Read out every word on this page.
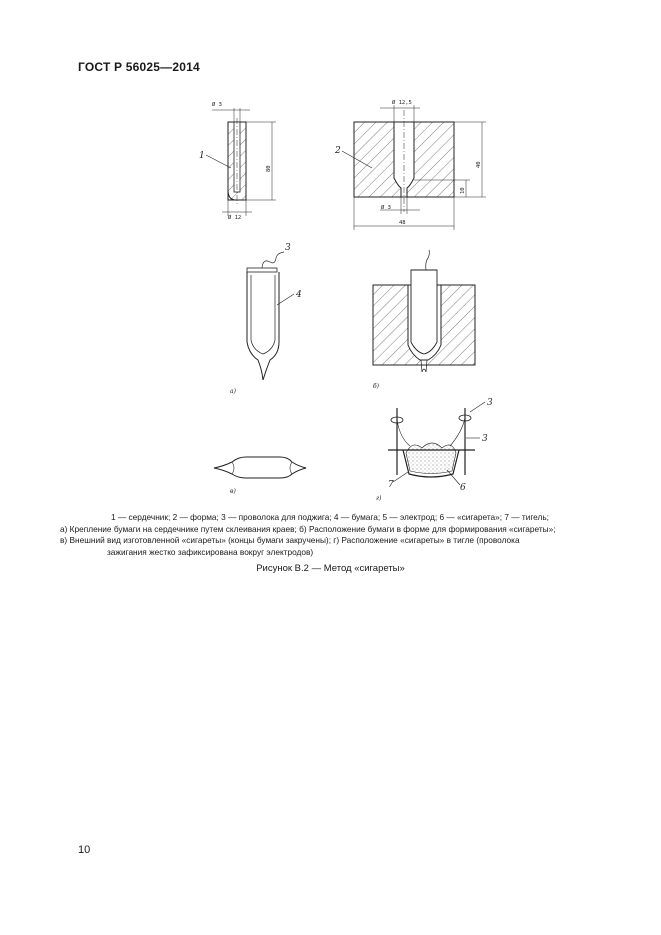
ГОСТ Р 56025—2014
Ø 3
80
Ø 12
1
Ø 12,5
40
10
Ø 3
48
2
3
4
а)
б)
в)
3
3
7	6
г)
1 — сердечник; 2 — форма; 3 — проволока для поджига; 4 — бумага; 5 — электрод; 6 — «сигарета»; 7 — тигель;
а) Крепление бумаги на сердечнике путем склеивания краев; б) Расположение бумаги в форме для формирования «сигареты»;
в) Внешний вид изготовленной «сигареты» (концы бумаги закручены); г) Расположение «сигареты» в тигле (проволока
зажигания жестко зафиксирована вокруг электродов)
Рисунок В.2 — Метод «сигареты»
10
